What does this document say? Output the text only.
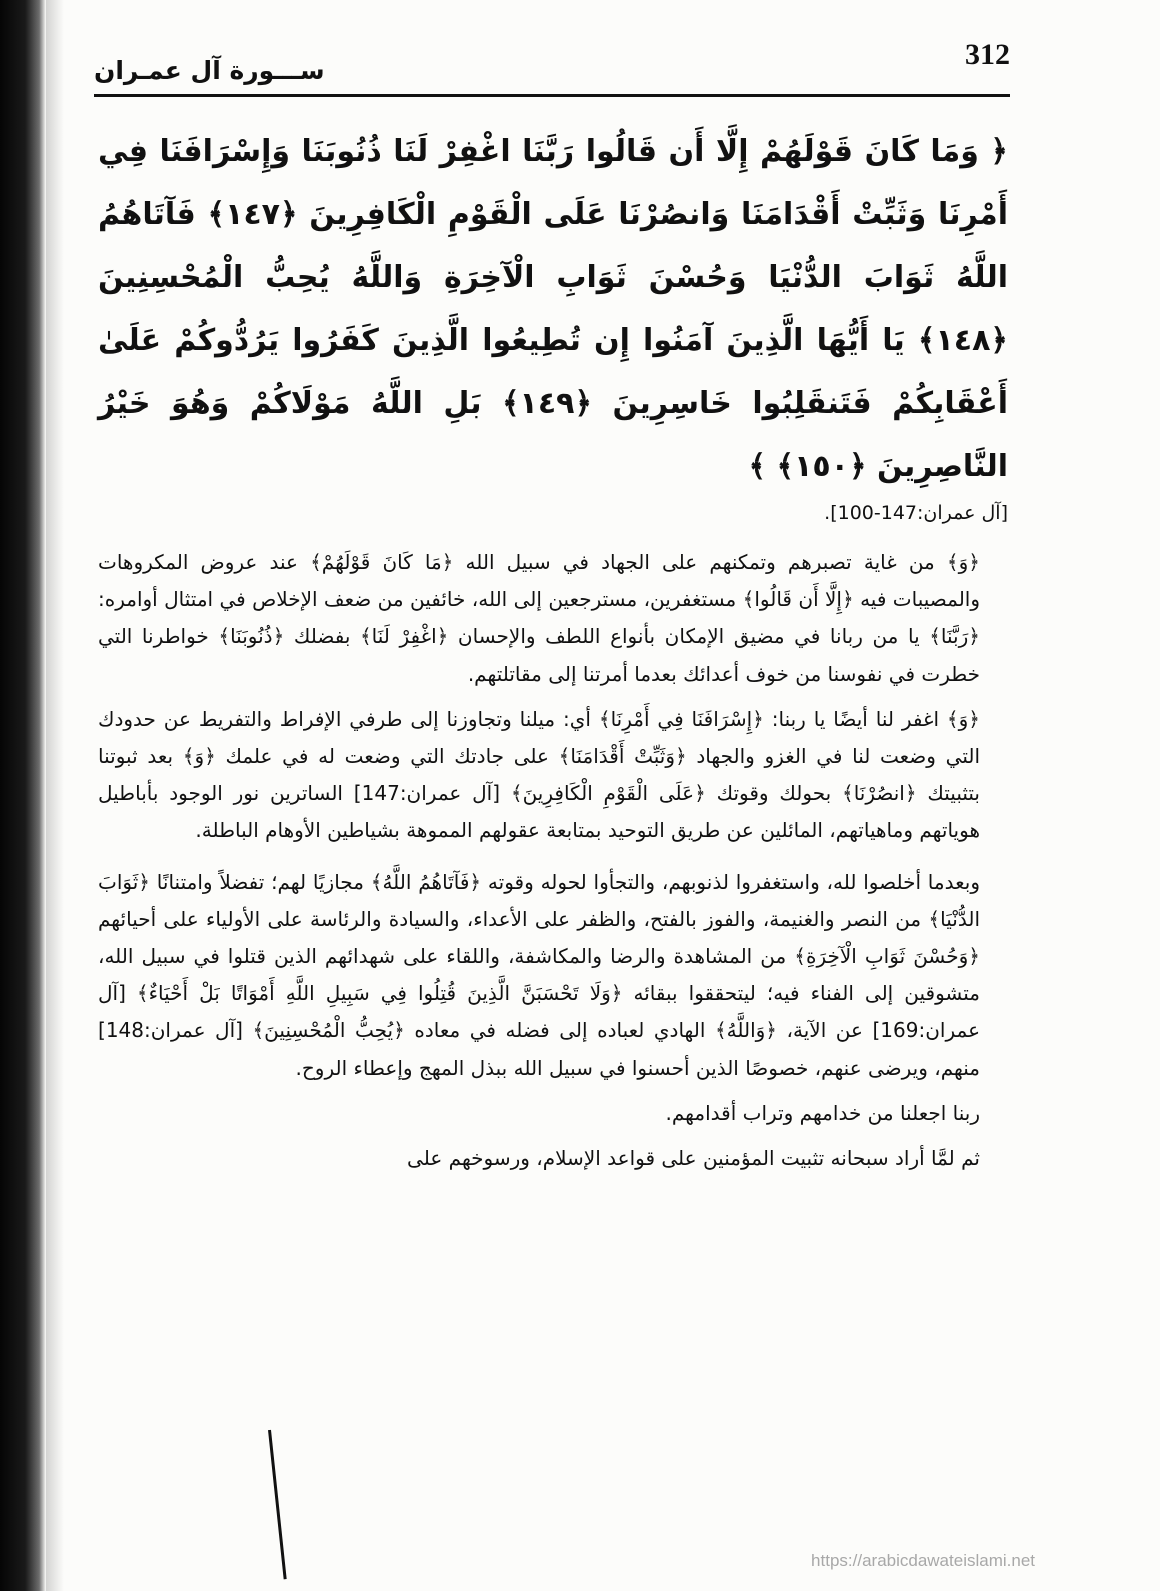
312
ســـورة آل عمـران

﴿ وَمَا كَانَ قَوْلَهُمْ إِلَّا أَن قَالُوا رَبَّنَا اغْفِرْ لَنَا ذُنُوبَنَا وَإِسْرَافَنَا فِي أَمْرِنَا وَثَبِّتْ أَقْدَامَنَا وَانصُرْنَا عَلَى الْقَوْمِ الْكَافِرِينَ ﴿١٤٧﴾ فَآتَاهُمُ اللَّهُ ثَوَابَ الدُّنْيَا وَحُسْنَ ثَوَابِ الْآخِرَةِ وَاللَّهُ يُحِبُّ الْمُحْسِنِينَ ﴿١٤٨﴾ يَا أَيُّهَا الَّذِينَ آمَنُوا إِن تُطِيعُوا الَّذِينَ كَفَرُوا يَرُدُّوكُمْ عَلَىٰ أَعْقَابِكُمْ فَتَنقَلِبُوا خَاسِرِينَ ﴿١٤٩﴾ بَلِ اللَّهُ مَوْلَاكُمْ وَهُوَ خَيْرُ النَّاصِرِينَ ﴿١٥٠﴾ ﴾

[آل عمران:147-100].

﴿وَ﴾ من غاية تصبرهم وتمكنهم على الجهاد في سبيل الله ﴿مَا كَانَ قَوْلَهُمْ﴾ عند عروض المكروهات والمصيبات فيه ﴿إِلَّا أَن قَالُوا﴾ مستغفرين، مسترجعين إلى الله، خائفين من ضعف الإخلاص في امتثال أوامره: ﴿رَبَّنَا﴾ يا من ربانا في مضيق الإمكان بأنواع اللطف والإحسان ﴿اغْفِرْ لَنَا﴾ بفضلك ﴿ذُنُوبَنَا﴾ خواطرنا التي خطرت في نفوسنا من خوف أعدائك بعدما أمرتنا إلى مقاتلتهم.

﴿وَ﴾ اغفر لنا أيضًا يا ربنا: ﴿إِسْرَافَنَا فِي أَمْرِنَا﴾ أي: ميلنا وتجاوزنا إلى طرفي الإفراط والتفريط عن حدودك التي وضعت لنا في الغزو والجهاد ﴿وَثَبِّتْ أَقْدَامَنَا﴾ على جادتك التي وضعت له في علمك ﴿وَ﴾ بعد ثبوتنا بتثبيتك ﴿انصُرْنَا﴾ بحولك وقوتك ﴿عَلَى الْقَوْمِ الْكَافِرِينَ﴾ [آل عمران:147] الساترين نور الوجود بأباطيل هوياتهم وماهياتهم، المائلين عن طريق التوحيد بمتابعة عقولهم المموهة بشياطين الأوهام الباطلة.

وبعدما أخلصوا لله، واستغفروا لذنوبهم، والتجأوا لحوله وقوته ﴿فَآتَاهُمُ اللَّهُ﴾ مجازيًا لهم؛ تفضلاً وامتنانًا ﴿ثَوَابَ الدُّنْيَا﴾ من النصر والغنيمة، والفوز بالفتح، والظفر على الأعداء، والسيادة والرئاسة على الأولياء على أحيائهم ﴿وَحُسْنَ ثَوَابِ الْآخِرَةِ﴾ من المشاهدة والرضا والمكاشفة، واللقاء على شهدائهم الذين قتلوا في سبيل الله، متشوقين إلى الفناء فيه؛ ليتحققوا ببقائه ﴿وَلَا تَحْسَبَنَّ الَّذِينَ قُتِلُوا فِي سَبِيلِ اللَّهِ أَمْوَاتًا بَلْ أَحْيَاءٌ﴾ [آل عمران:169] عن الآية، ﴿وَاللَّهُ﴾ الهادي لعباده إلى فضله في معاده ﴿يُحِبُّ الْمُحْسِنِينَ﴾ [آل عمران:148] منهم، ويرضى عنهم، خصوصًا الذين أحسنوا في سبيل الله ببذل المهج وإعطاء الروح.

ربنا اجعلنا من خدامهم وتراب أقدامهم.

ثم لمَّا أراد سبحانه تثبيت المؤمنين على قواعد الإسلام، ورسوخهم على

https://arabicdawateislami.net
